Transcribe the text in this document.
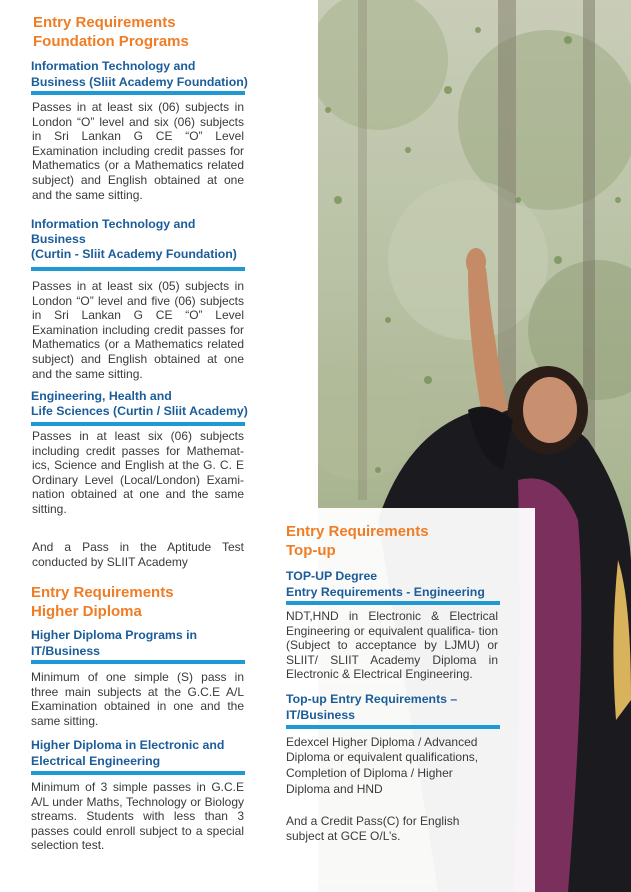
Entry Requirements

Foundation Programs

Information Technology and Business (Sliit Academy Foundation)

Passes in at least six (06) subjects in London “O” level and six (06) subjects in Sri Lankan G CE “O” Level Examination including credit passes for Mathematics (or a Mathematics related subject) and English obtained at one and the same sitting.

Information Technology and

Business

(Curtin - Sliit Academy Foundation)

Passes in at least six (05) subjects in London “O” level and five (06) subjects in Sri Lankan G CE “O” Level Examination including credit passes for Mathematics (or a Mathematics related subject) and English obtained at one and the same sitting.

Engineering, Health and

Life Sciences (Curtin / Sliit Academy)

Passes in at least six (06) subjects including credit passes for Mathemat- ics, Science and English at the G. C. E Ordinary Level (Local/London) Exami- nation obtained at one and the same sitting.

And a Pass in the Aptitude Test conducted by SLIIT Academy

Entry Requirements

Higher Diploma

Higher Diploma Programs in

IT/Business

Minimum of one simple (S) pass in three main subjects at the G.C.E A/L Examination obtained in one and the same sitting.

Higher Diploma in Electronic and

Electrical Engineering

Minimum of 3 simple passes in G.C.E A/L under Maths, Technology or Biology streams. Students with less than 3 passes could enroll subject to a special selection test.

Entry Requirements

Top-up

TOP-UP Degree

Entry Requirements - Engineering

NDT,HND in Electronic & Electrical Engineering or equivalent qualifica- tion (Subject to acceptance by LJMU) or SLIIT/ SLIIT Academy Diploma in Electronic & Electrical Engineering.

Top-up Entry Requirements –

IT/Business

Edexcel Higher Diploma / Advanced

Diploma or equivalent qualifications,

Completion of Diploma / Higher

Diploma and HND

And a Credit Pass(C) for English

subject at GCE O/L’s.
